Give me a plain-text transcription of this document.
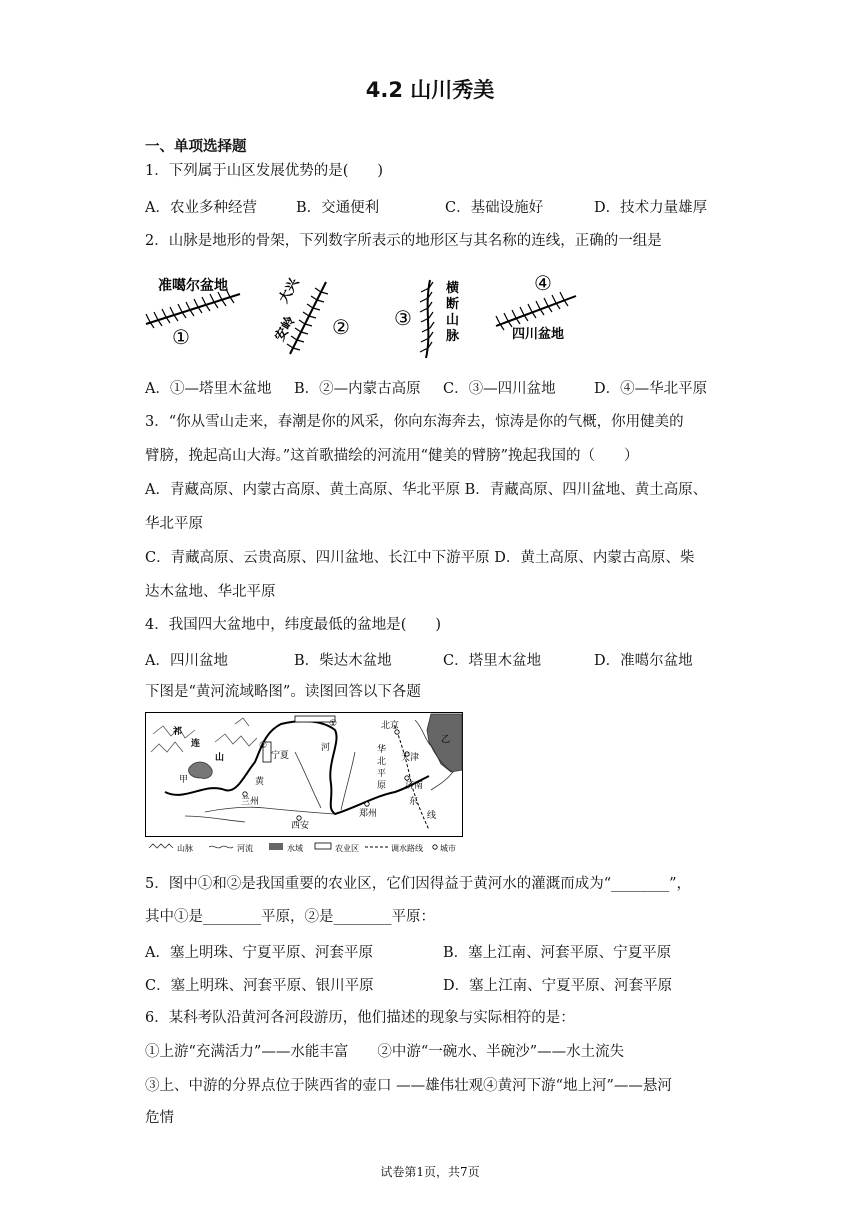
4.2 山川秀美
一、单项选择题
1．下列属于山区发展优势的是(　　)
A．农业多种经营	B．交通便利	C．基础设施好	D．技术力量雄厚
2．山脉是地形的骨架，下列数字所表示的地形区与其名称的连线，正确的一组是
准噶尔盆地
①
大兴
安岭 ② ③
横断山脉
④
四川盆地
A．①—塔里木盆地 B．②—内蒙古高原 C．③—四川盆地	D．④—华北平原
3．“你从雪山走来，春潮是你的风采，你向东海奔去，惊涛是你的气概，你用健美的
臂膀，挽起高山大海。”这首歌描绘的河流用“健美的臂膀”挽起我国的（　　）
A．青藏高原、内蒙古高原、黄土高原、华北平原 B．青藏高原、四川盆地、黄土高原、
华北平原
C．青藏高原、云贵高原、四川盆地、长江中下游平原 D．黄土高原、内蒙古高原、柴
达木盆地、华北平原
4．我国四大盆地中，纬度最低的盆地是(　　)
A．四川盆地	B．柴达木盆地	C．塔里木盆地	D．准噶尔盆地
下图是“黄河流域略图”。读图回答以下各题
祁
连
山
甲
兰州
西安
郑州
济南
天津
北京
华
北
平
原
河
黄
宁夏
乙
东
线
①
②
山脉	河流	水域	农业区	调水路线 城市
5．图中①和②是我国重要的农业区，它们因得益于黄河水的灌溉而成为“________”，
其中①是________平原，②是________平原：
A．塞上明珠、宁夏平原、河套平原	B．塞上江南、河套平原、宁夏平原
C．塞上明珠、河套平原、银川平原	D．塞上江南、宁夏平原、河套平原
6．某科考队沿黄河各河段游历，他们描述的现象与实际相符的是：
①上游“充满活力”——水能丰富　　②中游“一碗水、半碗沙”——水土流失
③上、中游的分界点位于陕西省的壶口 ——雄伟壮观④黄河下游“地上河”——悬河
危情
试卷第1页，共7页
